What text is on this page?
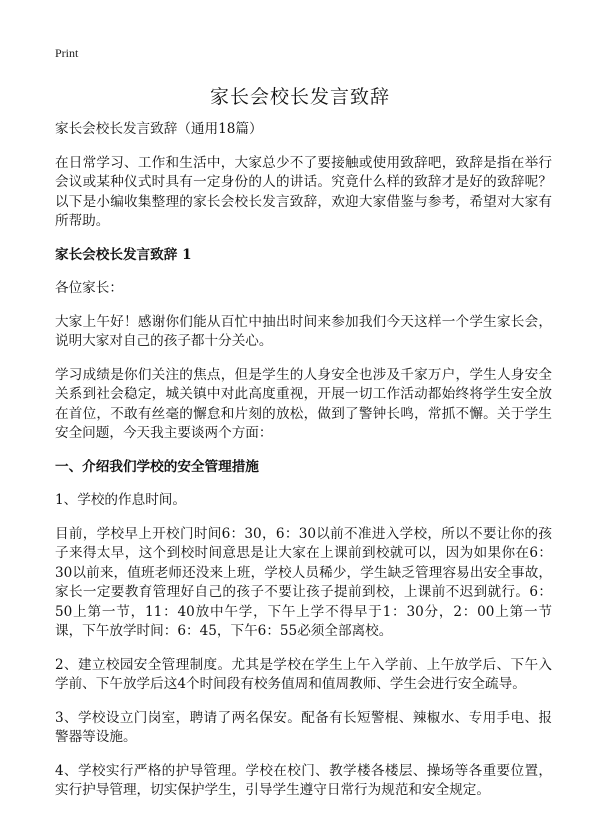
Print
家长会校长发言致辞

家长会校长发言致辞（通用18篇）

在日常学习、工作和生活中，大家总少不了要接触或使用致辞吧，致辞是指在举行会议或某种仪式时具有一定身份的人的讲话。究竟什么样的致辞才是好的致辞呢？以下是小编收集整理的家长会校长发言致辞，欢迎大家借鉴与参考，希望对大家有所帮助。

家长会校长发言致辞 1

各位家长：

大家上午好！感谢你们能从百忙中抽出时间来参加我们今天这样一个学生家长会，说明大家对自己的孩子都十分关心。

学习成绩是你们关注的焦点，但是学生的人身安全也涉及千家万户，学生人身安全关系到社会稳定，城关镇中对此高度重视，开展一切工作活动都始终将学生安全放在首位，不敢有丝毫的懈怠和片刻的放松，做到了警钟长鸣，常抓不懈。关于学生安全问题，今天我主要谈两个方面：

一、介绍我们学校的安全管理措施

1、学校的作息时间。

目前，学校早上开校门时间6：30，6：30以前不准进入学校，所以不要让你的孩子来得太早，这个到校时间意思是让大家在上课前到校就可以，因为如果你在6：30以前来，值班老师还没来上班，学校人员稀少，学生缺乏管理容易出安全事故，家长一定要教育管理好自己的孩子不要让孩子提前到校，上课前不迟到就行。6：50上第一节，11：40放中午学，下午上学不得早于1：30分，2：00上第一节课，下午放学时间：6：45，下午6：55必须全部离校。

2、建立校园安全管理制度。尤其是学校在学生上午入学前、上午放学后、下午入学前、下午放学后这4个时间段有校务值周和值周教师、学生会进行安全疏导。

3、学校设立门岗室，聘请了两名保安。配备有长短警棍、辣椒水、专用手电、报警器等设施。

4、学校实行严格的护导管理。学校在校门、教学楼各楼层、操场等各重要位置，实行护导管理，切实保护学生，引导学生遵守日常行为规范和安全规定。
